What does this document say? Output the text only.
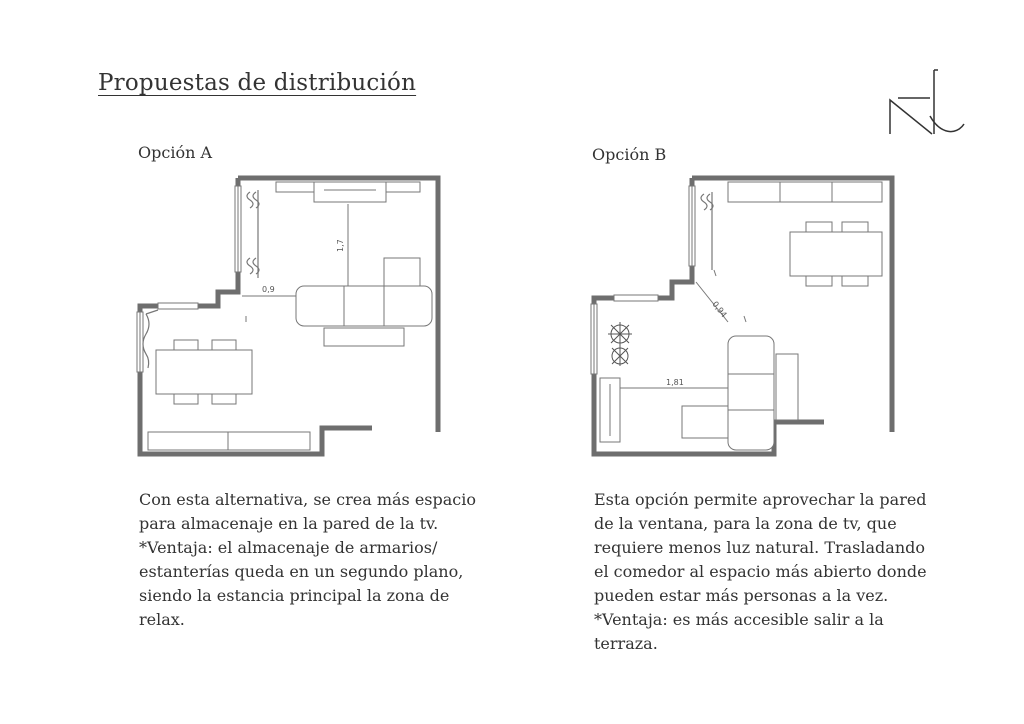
Propuestas de distribución
Opción A
1,7
0,9

Con esta alternativa, se crea más espacio

para almacenaje en la pared de la tv.

*Ventaja: el almacenaje de armarios/

estanterías queda en un segundo plano,

siendo la estancia principal la zona de

relax.

Opción B
0,94
1,81

Esta opción permite aprovechar la pared

de la ventana, para la zona de tv, que

requiere menos luz natural. Trasladando

el comedor al espacio más abierto donde

pueden estar más personas a la vez.

*Ventaja: es más accesible salir a la

terraza.
